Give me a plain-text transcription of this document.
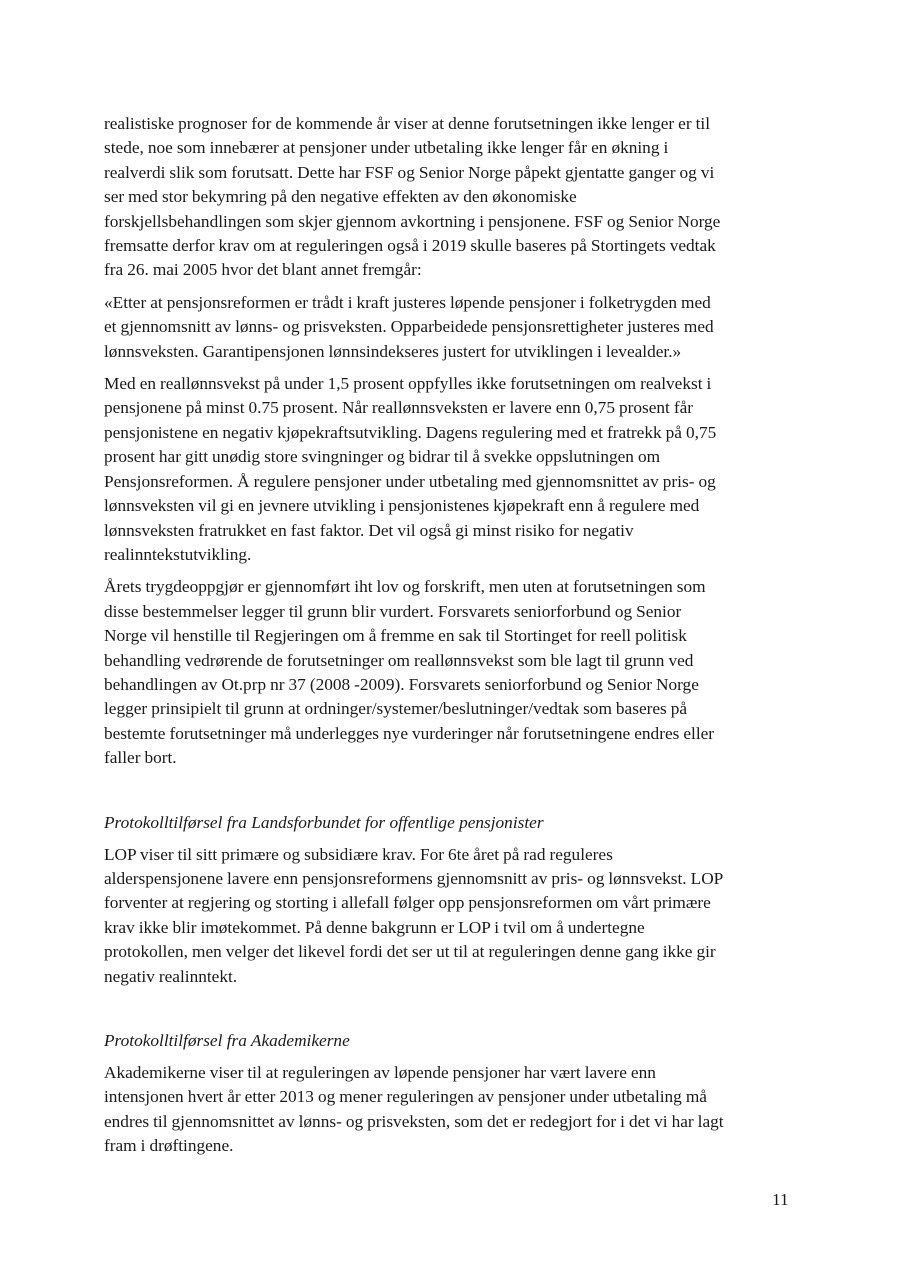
realistiske prognoser for de kommende år viser at denne forutsetningen ikke lenger er til
stede, noe som innebærer at pensjoner under utbetaling ikke lenger får en økning i
realverdi slik som forutsatt. Dette har FSF og Senior Norge påpekt gjentatte ganger og vi
ser med stor bekymring på den negative effekten av den økonomiske
forskjellsbehandlingen som skjer gjennom avkortning i pensjonene. FSF og Senior Norge
fremsatte derfor krav om at reguleringen også i 2019 skulle baseres på Stortingets vedtak
fra 26. mai 2005 hvor det blant annet fremgår:

«Etter at pensjonsreformen er trådt i kraft justeres løpende pensjoner i folketrygden med
et gjennomsnitt av lønns- og prisveksten. Opparbeidede pensjonsrettigheter justeres med
lønnsveksten. Garantipensjonen lønnsindekseres justert for utviklingen i levealder.»

Med en reallønnsvekst på under 1,5 prosent oppfylles ikke forutsetningen om realvekst i
pensjonene på minst 0.75 prosent. Når reallønnsveksten er lavere enn 0,75 prosent får
pensjonistene en negativ kjøpekraftsutvikling. Dagens regulering med et fratrekk på 0,75
prosent har gitt unødig store svingninger og bidrar til å svekke oppslutningen om
Pensjonsreformen. Å regulere pensjoner under utbetaling med gjennomsnittet av pris- og
lønnsveksten vil gi en jevnere utvikling i pensjonistenes kjøpekraft enn å regulere med
lønnsveksten fratrukket en fast faktor. Det vil også gi minst risiko for negativ
realinntekstutvikling.

Årets trygdeoppgjør er gjennomført iht lov og forskrift, men uten at forutsetningen som
disse bestemmelser legger til grunn blir vurdert. Forsvarets seniorforbund og Senior
Norge vil henstille til Regjeringen om å fremme en sak til Stortinget for reell politisk
behandling vedrørende de forutsetninger om reallønnsvekst som ble lagt til grunn ved
behandlingen av Ot.prp nr 37 (2008 -2009). Forsvarets seniorforbund og Senior Norge
legger prinsipielt til grunn at ordninger/systemer/beslutninger/vedtak som baseres på
bestemte forutsetninger må underlegges nye vurderinger når forutsetningene endres eller
faller bort.

Protokolltilførsel fra Landsforbundet for offentlige pensjonister

LOP viser til sitt primære og subsidiære krav. For 6te året på rad reguleres
alderspensjonene lavere enn pensjonsreformens gjennomsnitt av pris- og lønnsvekst. LOP
forventer at regjering og storting i allefall følger opp pensjonsreformen om vårt primære
krav ikke blir imøtekommet. På denne bakgrunn er LOP i tvil om å undertegne
protokollen, men velger det likevel fordi det ser ut til at reguleringen denne gang ikke gir
negativ realinntekt.

Protokolltilførsel fra Akademikerne

Akademikerne viser til at reguleringen av løpende pensjoner har vært lavere enn
intensjonen hvert år etter 2013 og mener reguleringen av pensjoner under utbetaling må
endres til gjennomsnittet av lønns- og prisveksten, som det er redegjort for i det vi har lagt
fram i drøftingene.

11
